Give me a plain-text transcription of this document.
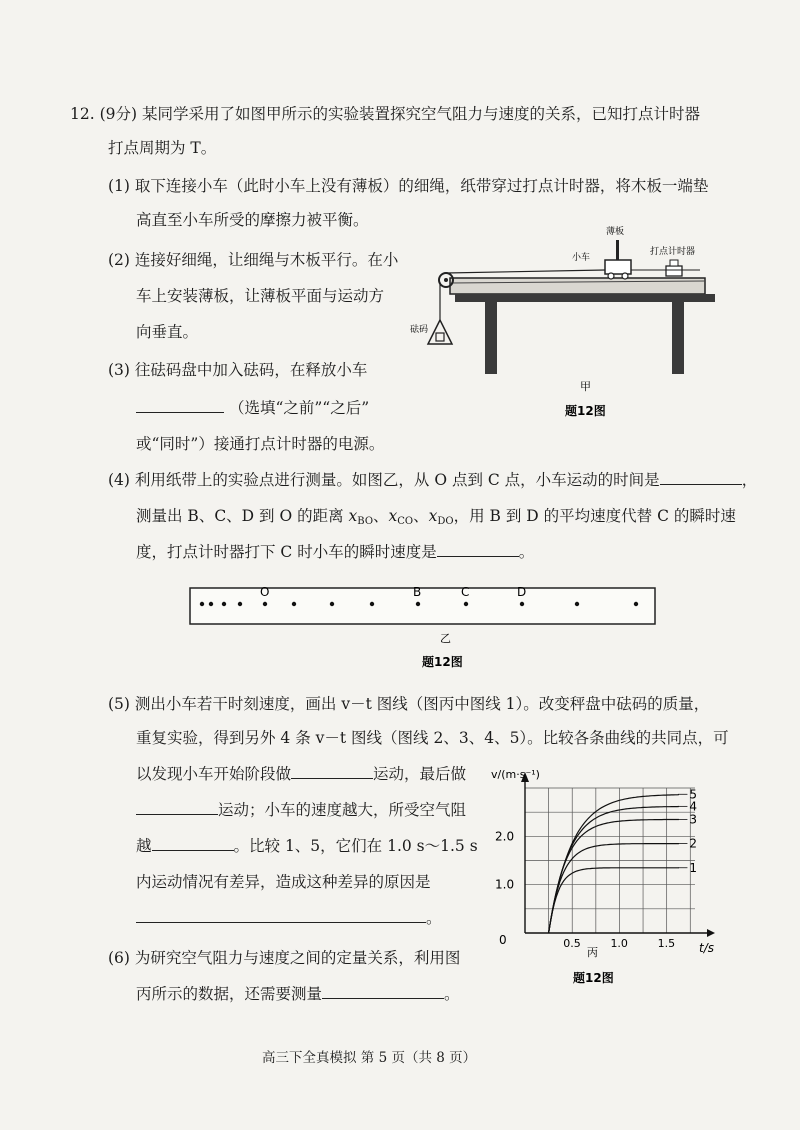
12. (9分) 某同学采用了如图甲所示的实验装置探究空气阻力与速度的关系，已知打点计时器
打点周期为 T。
(1) 取下连接小车（此时小车上没有薄板）的细绳，纸带穿过打点计时器，将木板一端垫
高直至小车所受的摩擦力被平衡。
(2) 连接好细绳，让细绳与木板平行。在小
车上安装薄板，让薄板平面与运动方
向垂直。
(3) 往砝码盘中加入砝码，在释放小车
（选填“之前”“之后”
或“同时”）接通打点计时器的电源。
砝码
薄板
小车
打点计时器
甲
题12图
(4) 利用纸带上的实验点进行测量。如图乙，从 O 点到 C 点，小车运动的时间是	，
测量出 B、C、D 到 O 的距离 $x_{BO}$、$x_{CO}$、$x_{DO}$，用 B 到 D 的平均速度代替 C 的瞬时速
度，打点计时器打下 C 时小车的瞬时速度是	。
O	B	C	D
乙
题12图
(5) 测出小车若干时刻速度，画出 v－t 图线（图丙中图线 1）。改变秤盘中砝码的质量，
重复实验，得到另外 4 条 v－t 图线（图线 2、3、4、5）。比较各条曲线的共同点，可
以发现小车开始阶段做	运动，最后做
运动；小车的速度越大，所受空气阻
越	。比较 1、5，它们在 1.0 s～1.5 s
内运动情况有差异，造成这种差异的原因是
。
0.5	1.0	1.5
1.0
2.0
1
2
3
4
5
0
v/(m·s⁻¹)
t/s
丙
题12图
(6) 为研究空气阻力与速度之间的定量关系，利用图
丙所示的数据，还需要测量	。
高三下全真模拟 第 5 页（共 8 页）
